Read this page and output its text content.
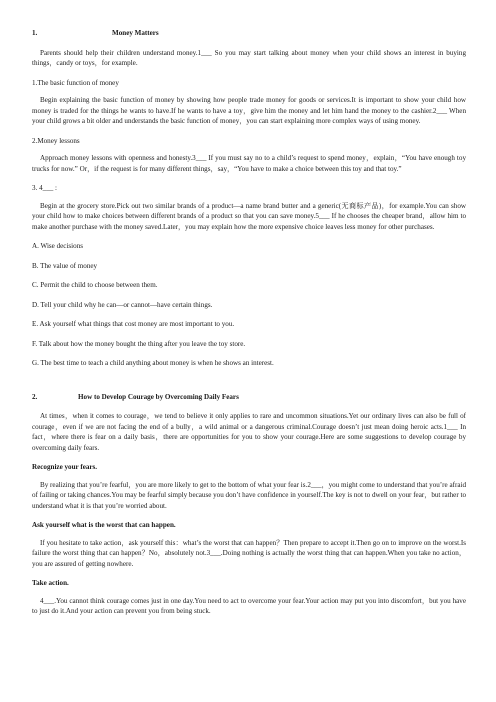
1.	Money Matters

Parents should help their children understand money.1___ So you may start talking about money when your child shows an interest in buying things，candy or toys，for example.

1.The basic function of money

Begin explaining the basic function of money by showing how people trade money for goods or services.It is important to show your child how money is traded for the things he wants to have.If he wants to have a toy，give him the money and let him hand the money to the cashier.2___ When your child grows a bit older and understands the basic function of money，you can start explaining more complex ways of using money.

2.Money lessons

Approach money lessons with openness and honesty.3___ If you must say no to a child’s request to spend money，explain，“You have enough toy trucks for now.” Or，if the request is for many different things，say，“You have to make a choice between this toy and that toy.”

3. 4___ :

Begin at the grocery store.Pick out two similar brands of a product—a name brand butter and a generic(无商标产品)，for example.You can show your child how to make choices between different brands of a product so that you can save money.5___ If he chooses the cheaper brand，allow him to make another purchase with the money saved.Later，you may explain how the more expensive choice leaves less money for other purchases.

A. Wise decisions

B. The value of money

C. Permit the child to choose between them.

D. Tell your child why he can—or cannot—have certain things.

E. Ask yourself what things that cost money are most important to you.

F. Talk about how the money bought the thing after you leave the toy store.

G. The best time to teach a child anything about money is when he shows an interest.

2.	How to Develop Courage by Overcoming Daily Fears

At times，when it comes to courage，we tend to believe it only applies to rare and uncommon situations.Yet our ordinary lives can also be full of courage，even if we are not facing the end of a bully，a wild animal or a dangerous criminal.Courage doesn’t just mean doing heroic acts.1___ In fact，where there is fear on a daily basis，there are opportunities for you to show your courage.Here are some suggestions to develop courage by overcoming daily fears.

Recognize your fears.

By realizing that you’re fearful，you are more likely to get to the bottom of what your fear is.2___，you might come to understand that you’re afraid of failing or taking chances.You may be fearful simply because you don’t have confidence in yourself.The key is not to dwell on your fear，but rather to understand what it is that you’re worried about.

Ask yourself what is the worst that can happen.

If you hesitate to take action，ask yourself this：what’s the worst that can happen？Then prepare to accept it.Then go on to improve on the worst.Is failure the worst thing that can happen？No，absolutely not.3___.Doing nothing is actually the worst thing that can happen.When you take no action，you are assured of getting nowhere.

Take action.

4___.You cannot think courage comes just in one day.You need to act to overcome your fear.Your action may put you into discomfort，but you have to just do it.And your action can prevent you from being stuck.
